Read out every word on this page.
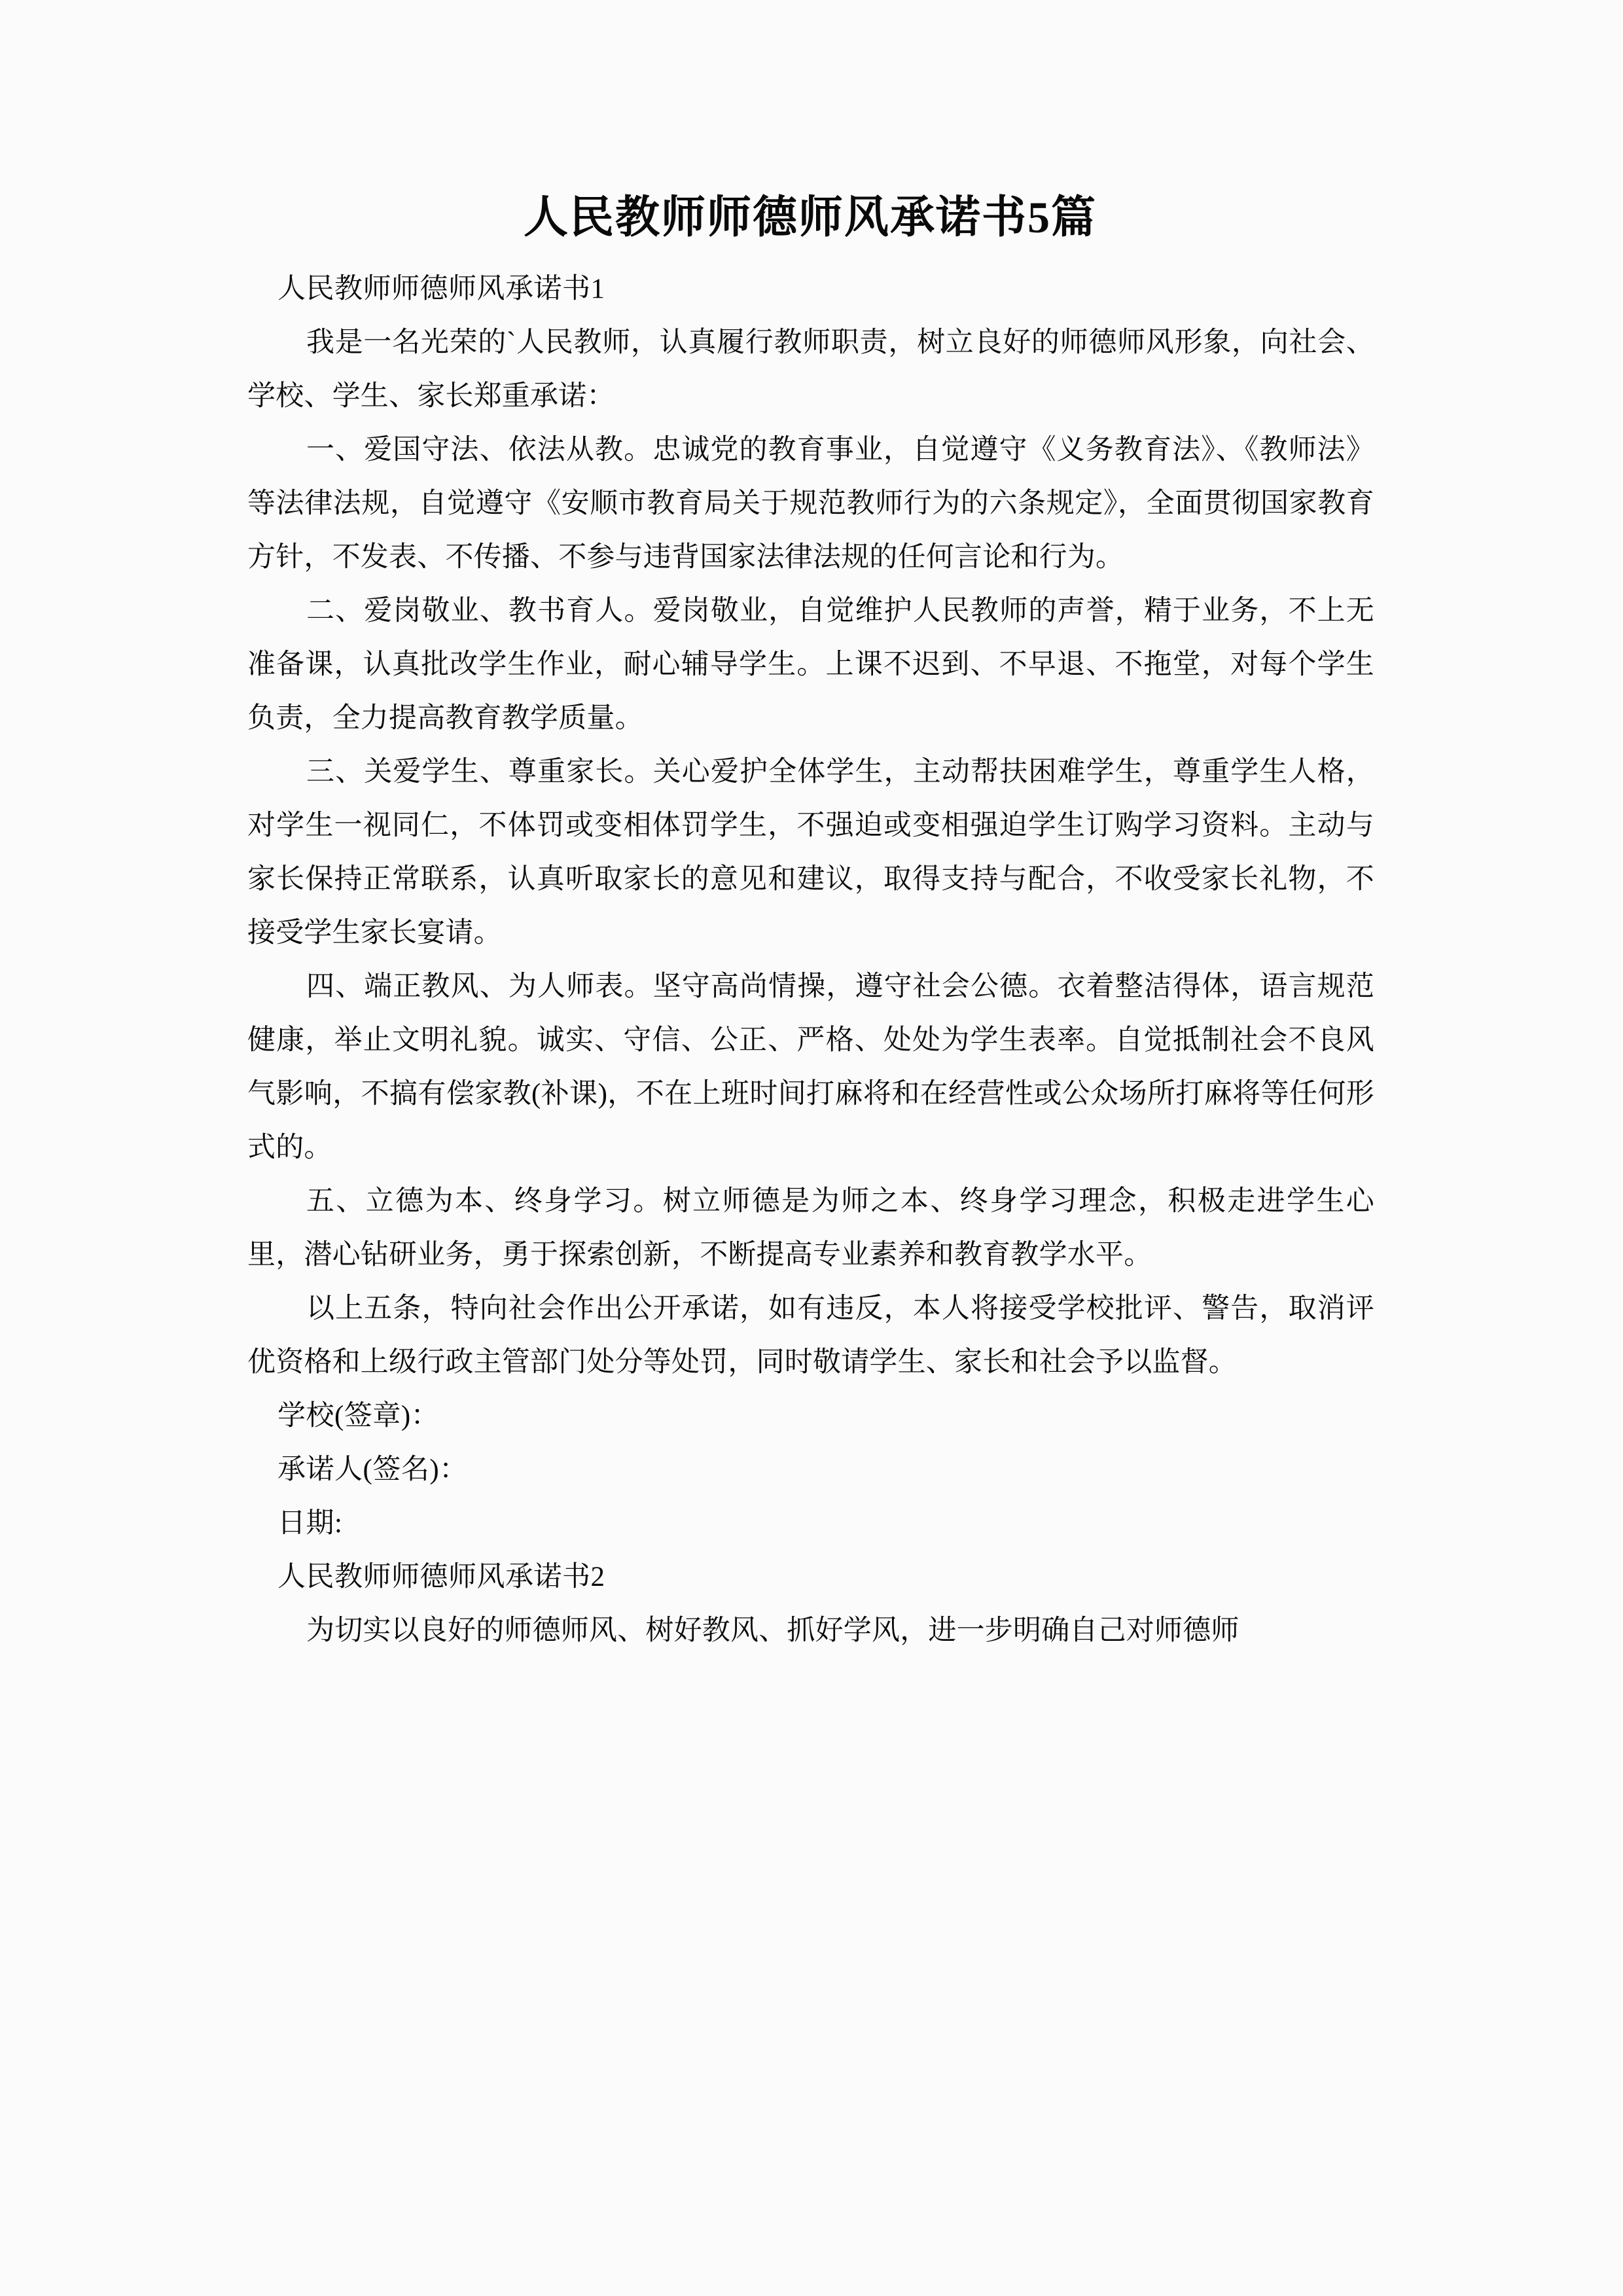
人民教师师德师风承诺书5篇

人民教师师德师风承诺书1

我是一名光荣的`人民教师，认真履行教师职责，树立良好的师德师风形象，向社会、学校、学生、家长郑重承诺：

一、爱国守法、依法从教。忠诚党的教育事业，自觉遵守《义务教育法》、《教师法》等法律法规，自觉遵守《安顺市教育局关于规范教师行为的六条规定》，全面贯彻国家教育方针，不发表、不传播、不参与违背国家法律法规的任何言论和行为。

二、爱岗敬业、教书育人。爱岗敬业，自觉维护人民教师的声誉，精于业务，不上无准备课，认真批改学生作业，耐心辅导学生。上课不迟到、不早退、不拖堂，对每个学生负责，全力提高教育教学质量。

三、关爱学生、尊重家长。关心爱护全体学生，主动帮扶困难学生，尊重学生人格，对学生一视同仁，不体罚或变相体罚学生，不强迫或变相强迫学生订购学习资料。主动与家长保持正常联系，认真听取家长的意见和建议，取得支持与配合，不收受家长礼物，不接受学生家长宴请。

四、端正教风、为人师表。坚守高尚情操，遵守社会公德。衣着整洁得体，语言规范健康，举止文明礼貌。诚实、守信、公正、严格、处处为学生表率。自觉抵制社会不良风气影响，不搞有偿家教(补课)，不在上班时间打麻将和在经营性或公众场所打麻将等任何形式的。

五、立德为本、终身学习。树立师德是为师之本、终身学习理念，积极走进学生心里，潜心钻研业务，勇于探索创新，不断提高专业素养和教育教学水平。

以上五条，特向社会作出公开承诺，如有违反，本人将接受学校批评、警告，取消评优资格和上级行政主管部门处分等处罚，同时敬请学生、家长和社会予以监督。

学校(签章)：

承诺人(签名)：

日期:

人民教师师德师风承诺书2

为切实以良好的师德师风、树好教风、抓好学风，进一步明确自己对师德师
